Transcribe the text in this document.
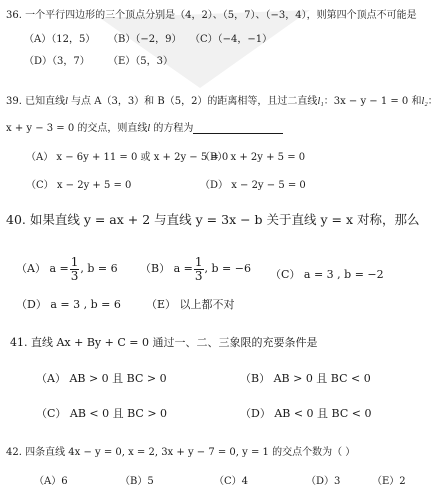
36. 一个平行四边形的三个顶点分别是（4，2）、（5，7）、（−3，4），则第四个顶点不可能是
（A）（12，5） （B）（−2，9） （C）（−4，−1）
（D）（3，7） （E）（5，3）
39. 已知直线l 与点 A（3，3）和 B（5，2）的距离相等，且过二直线l₁：3x − y − 1 = 0 和l₂：
x + y − 3 = 0 的交点，则直线l 的方程为
（A） x − 6y + 11 = 0 或 x + 2y − 5 = 0
（B） x + 2y + 5 = 0
（C） x − 2y + 5 = 0	（D） x − 2y − 5 = 0
40. 如果直线 y = ax + 2 与直线 y = 3x − b 关于直线 y = x 对称，那么
（A） $a = \frac{1}{3}$ , b = 6 （B） $a = \frac{1}{3}$ , b = −6 （C） a = 3 , b = −2
（D） a = 3 , b = 6 （E） 以上都不对
41. 直线 Ax + By + C = 0 通过一、二、三象限的充要条件是
（A） AB > 0 且 BC > 0	（B） AB > 0 且 BC < 0
（C） AB < 0 且 BC > 0	（D） AB < 0 且 BC < 0
42. 四条直线 4x − y = 0, x = 2, 3x + y − 7 = 0, y = 1 的交点个数为（ ）
（A）6	（B）5	（C）4	（D）3	（E）2
